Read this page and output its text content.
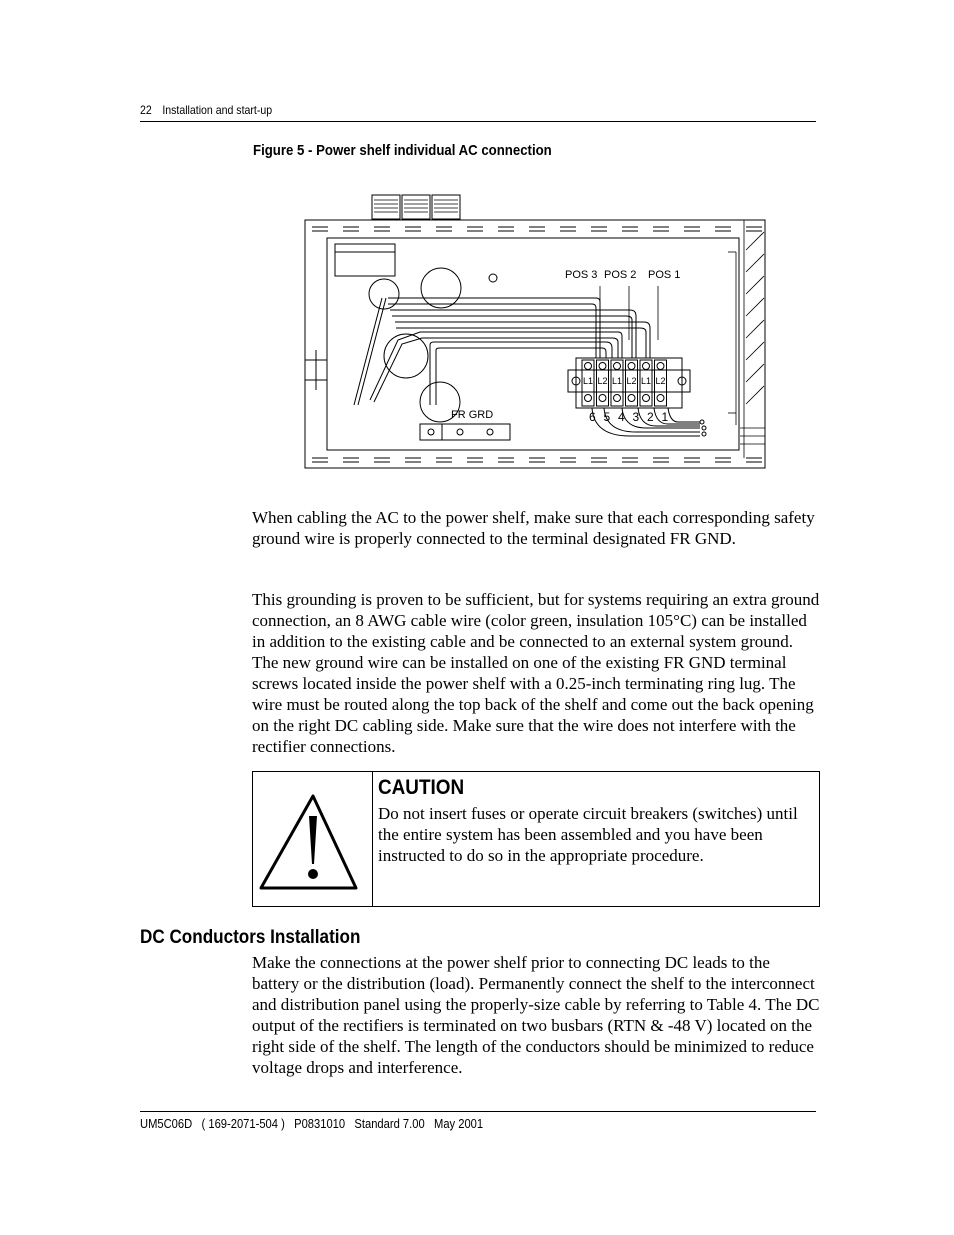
22 Installation and start-up
Figure 5 - Power shelf individual AC connection
POS 3 POS 2 POS 1
FR GRD
L1 L2 L1 L2 L1 L2
6 5 4 3 2 1

When cabling the AC to the power shelf, make sure that each corresponding safety ground wire is properly connected to the terminal designated FR GND.

This grounding is proven to be sufficient, but for systems requiring an extra ground connection, an 8 AWG cable wire (color green, insulation 105°C) can be installed in addition to the existing cable and be connected to an external system ground. The new ground wire can be installed on one of the existing FR GND terminal screws located inside the power shelf with a 0.25-inch terminating ring lug. The wire must be routed along the top back of the shelf and come out the back opening on the right DC cabling side. Make sure that the wire does not interfere with the rectifier connections.

CAUTION

Do not insert fuses or operate circuit breakers (switches) until the entire system has been assembled and you have been instructed to do so in the appropriate procedure.

DC Conductors Installation

Make the connections at the power shelf prior to connecting DC leads to the battery or the distribution (load). Permanently connect the shelf to the interconnect and distribution panel using the properly-size cable by referring to Table 4. The DC output of the rectifiers is terminated on two busbars (RTN & -48 V) located on the right side of the shelf. The length of the conductors should be minimized to reduce voltage drops and interference.

UM5C06D ( 169-2071-504 ) P0831010 Standard 7.00 May 2001
